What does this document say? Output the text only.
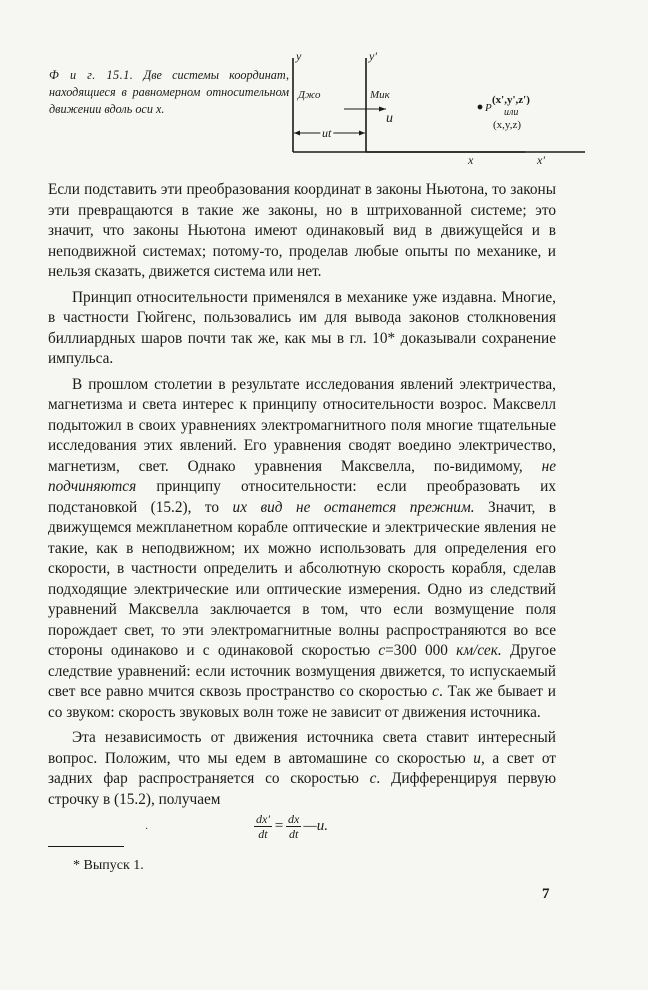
Ф и г. 15.1. Две системы координат, находящиеся в равномерном относительном движении вдоль оси x.

y	y'
Джо	Мик
ut
u
P
(x',y',z')
или
(x,y,z)
x	x'

Если подставить эти преобразования координат в законы Ньютона, то законы эти превращаются в такие же законы, но в штрихованной системе; это значит, что законы Ньютона имеют одинаковый вид в движущейся и в неподвижной системах; потому-то, проделав любые опыты по механике, и нельзя сказать, движется система или нет.

Принцип относительности применялся в механике уже издавна. Многие, в частности Гюйгенс, пользовались им для вывода законов столкновения биллиардных шаров почти так же, как мы в гл. 10* доказывали сохранение импульса.

В прошлом столетии в результате исследования явлений электричества, магнетизма и света интерес к принципу относительности возрос. Максвелл подытожил в своих уравнениях электромагнитного поля многие тщательные исследования этих явлений. Его уравнения сводят воедино электричество, магнетизм, свет. Однако уравнения Максвелла, по-видимому, не подчиняются принципу относительности: если преобразовать их подстановкой (15.2), то их вид не останется прежним. Значит, в движущемся межпланетном корабле оптические и электрические явления не такие, как в неподвижном; их можно использовать для определения его скорости, в частности определить и абсолютную скорость корабля, сделав подходящие электрические или оптические измерения. Одно из следствий уравнений Максвелла заключается в том, что если возмущение поля порождает свет, то эти электромагнитные волны распространяются во все стороны одинаково и с одинаковой скоростью c=300 000 км/сек. Другое следствие уравнений: если источник возмущения движется, то испускаемый свет все равно мчится сквозь пространство со скоростью c. Так же бывает и со звуком: скорость звуковых волн тоже не зависит от движения источника.

Эта независимость от движения источника света ставит интересный вопрос. Положим, что мы едем в автомашине со скоростью u, а свет от задних фар распространяется со скоростью c. Дифференцируя первую строчку в (15.2), получаем

·	$\frac{dx'}{dt} = \frac{dx}{dt}$ — u.
* Выпуск 1.
7
